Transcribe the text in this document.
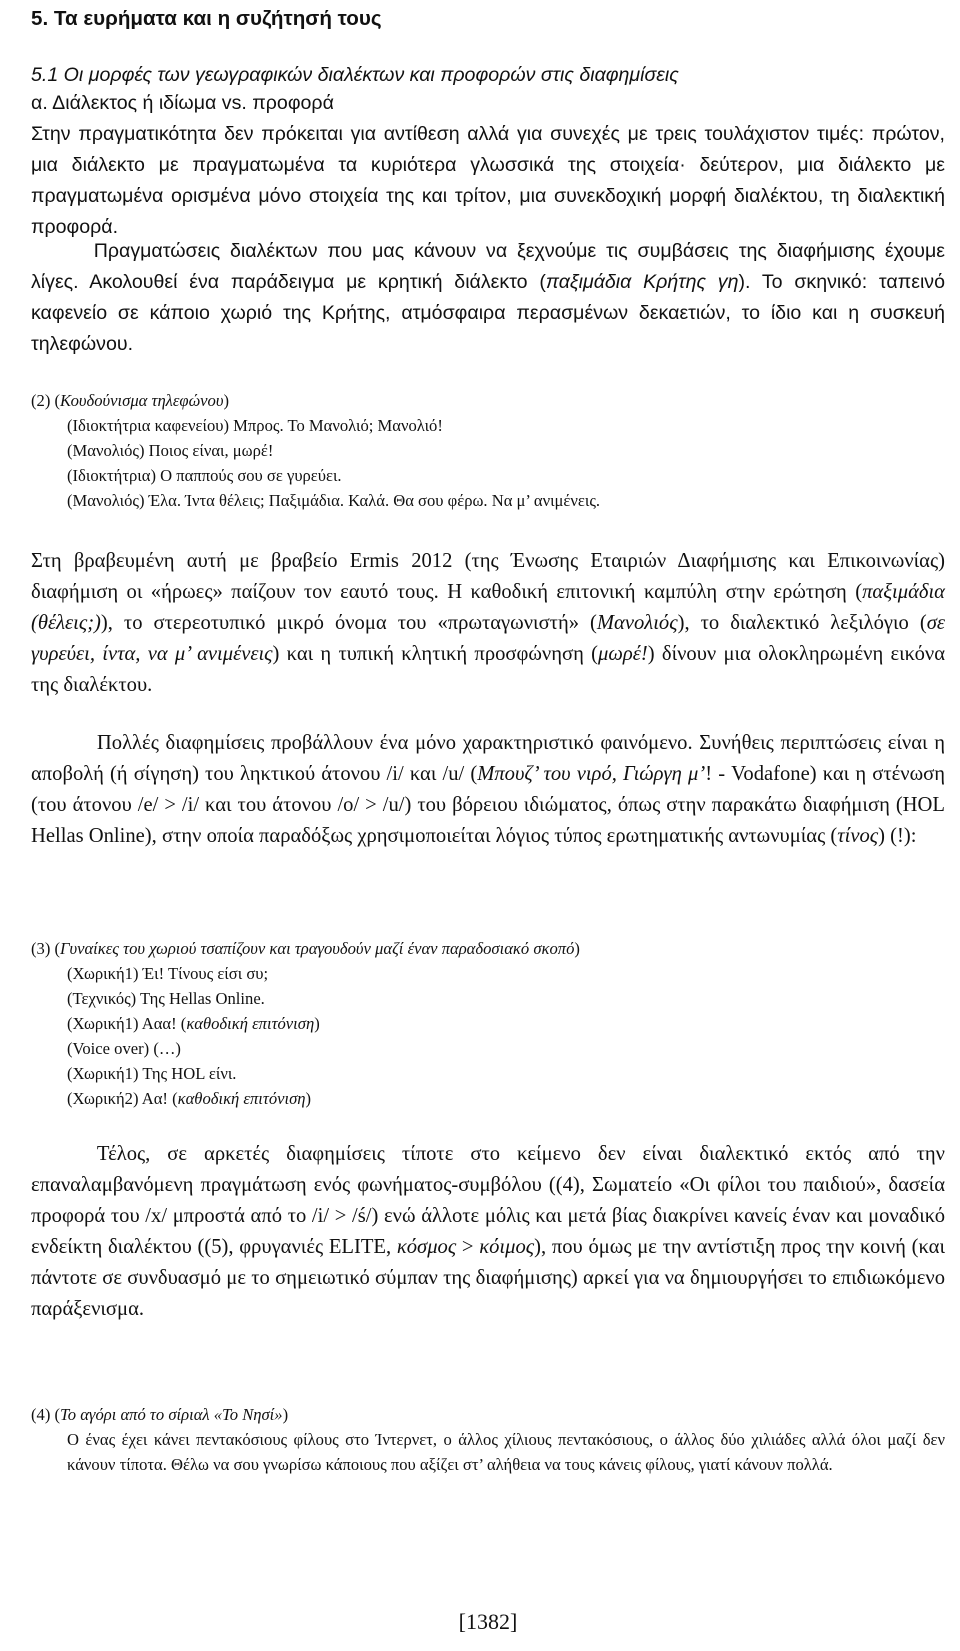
5. Τα ευρήματα και η συζήτησή τους
5.1 Οι μορφές των γεωγραφικών διαλέκτων και προφορών στις διαφημίσεις
α. Διάλεκτος ή ιδίωμα vs. προφορά

Στην πραγματικότητα δεν πρόκειται για αντίθεση αλλά για συνεχές με τρεις τουλάχιστον τιμές: πρώτον, μια διάλεκτο με πραγματωμένα τα κυριότερα γλωσσικά της στοιχεία· δεύτερον, μια διάλεκτο με πραγματωμένα ορισμένα μόνο στοιχεία της και τρίτον, μια συνεκδοχική μορφή διαλέκτου, τη διαλεκτική προφορά.

Πραγματώσεις διαλέκτων που μας κάνουν να ξεχνούμε τις συμβάσεις της διαφήμισης έχουμε λίγες. Ακολουθεί ένα παράδειγμα με κρητική διάλεκτο (παξιμάδια Κρήτης γη). Το σκηνικό: ταπεινό καφενείο σε κάποιο χωριό της Κρήτης, ατμόσφαιρα περασμένων δεκαετιών, το ίδιο και η συσκευή τηλεφώνου.

(2) (Κουδούνισμα τηλεφώνου)
(Ιδιοκτήτρια καφενείου) Μπρος. Το Μανολιό; Μανολιό!
(Μανολιός) Ποιος είναι, μωρέ!
(Ιδιοκτήτρια) Ο παππούς σου σε γυρεύει.
(Μανολιός) Έλα. Ίντα θέλεις; Παξιμάδια. Καλά. Θα σου φέρω. Να μ’ ανιμένεις.

Στη βραβευμένη αυτή με βραβείο Ermis 2012 (της Ένωσης Εταιριών Διαφήμισης και Επικοινωνίας) διαφήμιση οι «ήρωες» παίζουν τον εαυτό τους. Η καθοδική επιτονική καμπύλη στην ερώτηση (παξιμάδια (θέλεις;)), το στερεοτυπικό μικρό όνομα του «πρωταγωνιστή» (Μανολιός), το διαλεκτικό λεξιλόγιο (σε γυρεύει, ίντα, να μ’ ανιμένεις) και η τυπική κλητική προσφώνηση (μωρέ!) δίνουν μια ολοκληρωμένη εικόνα της διαλέκτου.

Πολλές διαφημίσεις προβάλλουν ένα μόνο χαρακτηριστικό φαινόμενο. Συνήθεις περιπτώσεις είναι η αποβολή (ή σίγηση) του ληκτικού άτονου /i/ και /u/ (Μπουζ’ του νιρό, Γιώργη μ’! - Vodafone) και η στένωση (του άτονου /e/ > /i/ και του άτονου /o/ > /u/) του βόρειου ιδιώματος, όπως στην παρακάτω διαφήμιση (HOL Hellas Online), στην οποία παραδόξως χρησιμοποιείται λόγιος τύπος ερωτηματικής αντωνυμίας (τίνος) (!):

(3) (Γυναίκες του χωριού τσαπίζουν και τραγουδούν μαζί έναν παραδοσιακό σκοπό)
(Χωρική1) Έι! Τίνους είσι συ;
(Τεχνικός) Της Hellas Online.
(Χωρική1) Ααα! (καθοδική επιτόνιση)
(Voice over) (…)
(Χωρική1) Της HOL είνι.
(Χωρική2) Αα! (καθοδική επιτόνιση)

Τέλος, σε αρκετές διαφημίσεις τίποτε στο κείμενο δεν είναι διαλεκτικό εκτός από την επαναλαμβανόμενη πραγμάτωση ενός φωνήματος-συμβόλου ((4), Σωματείο «Οι φίλοι του παιδιού», δασεία προφορά του /x/ μπροστά από το /i/ > /ś/) ενώ άλλοτε μόλις και μετά βίας διακρίνει κανείς έναν και μοναδικό ενδείκτη διαλέκτου ((5), φρυγανιές ELITE, κόσμος > κόιμος), που όμως με την αντίστιξη προς την κοινή (και πάντοτε σε συνδυασμό με το σημειωτικό σύμπαν της διαφήμισης) αρκεί για να δημιουργήσει το επιδιωκόμενο παράξενισμα.

(4) (Το αγόρι από το σίριαλ «Το Νησί»)
Ο ένας έχει κάνει πεντακόσιους φίλους στο Ίντερνετ, ο άλλος χίλιους πεντακόσιους, ο άλλος δύο χιλιάδες αλλά όλοι μαζί δεν κάνουν τίποτα. Θέλω να σου γνωρίσω κάποιους που αξίζει στ’ αλήθεια να τους κάνεις φίλους, γιατί κάνουν πολλά.
[1382]
